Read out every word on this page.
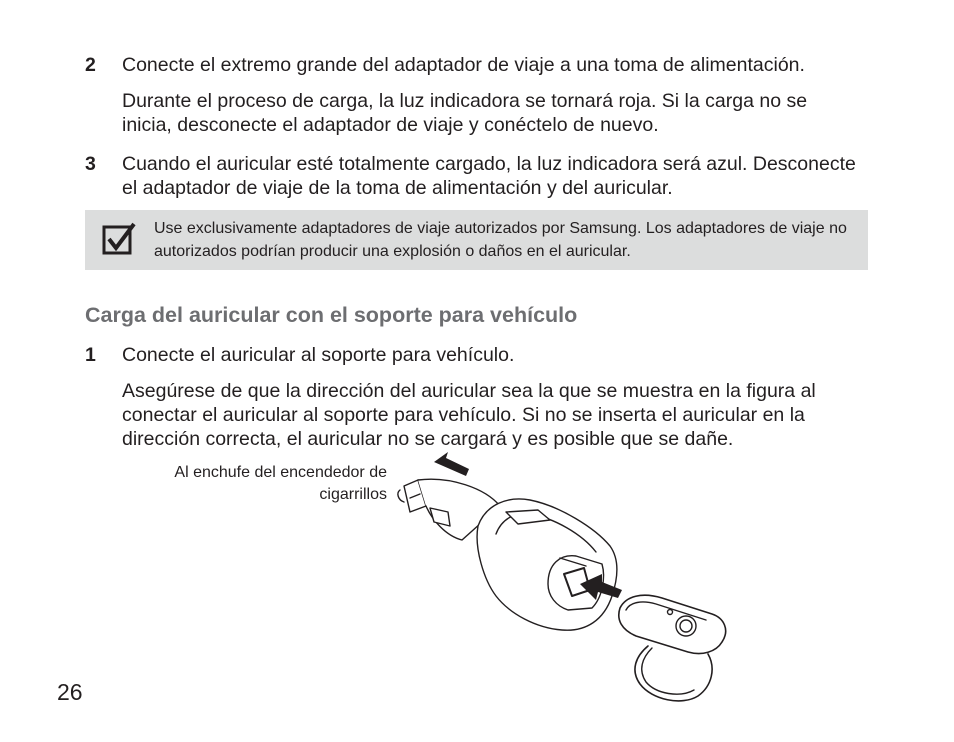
2 Conecte el extremo grande del adaptador de viaje a una toma de alimentación.

Durante el proceso de carga, la luz indicadora se tornará roja. Si la carga no se inicia, desconecte el adaptador de viaje y conéctelo de nuevo.

3 Cuando el auricular esté totalmente cargado, la luz indicadora será azul. Desconecte el adaptador de viaje de la toma de alimentación y del auricular.

Use exclusivamente adaptadores de viaje autorizados por Samsung. Los adaptadores de viaje no autorizados podrían producir una explosión o daños en el auricular.

Carga del auricular con el soporte para vehículo
1 Conecte el auricular al soporte para vehículo.

Asegúrese de que la dirección del auricular sea la que se muestra en la figura al conectar el auricular al soporte para vehículo. Si no se inserta el auricular en la dirección correcta, el auricular no se cargará y es posible que se dañe.

Al enchufe del encendedor de cigarrillos

26
